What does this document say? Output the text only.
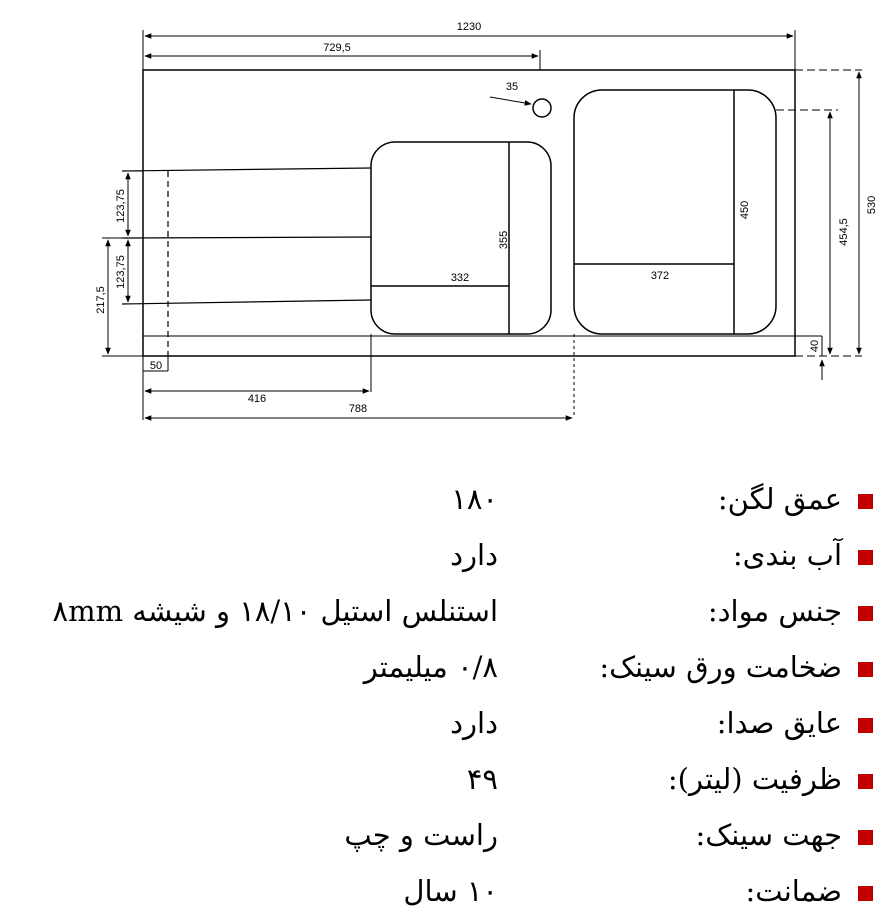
1230
729,5
35
372
332
50
416
788
450
355	454,5
530
40
123,75
123,75
217,5
عمق لگن:
۱۸۰
آب بندی:
دارد
جنس مواد:
استنلس استیل ۱۸/۱۰ و شیشه ۸mm
ضخامت ورق سینک:
۰/۸ میلیمتر
عایق صدا:
دارد
ظرفیت (لیتر):
۴۹
جهت سینک:
راست و چپ
ضمانت:
۱۰ سال
